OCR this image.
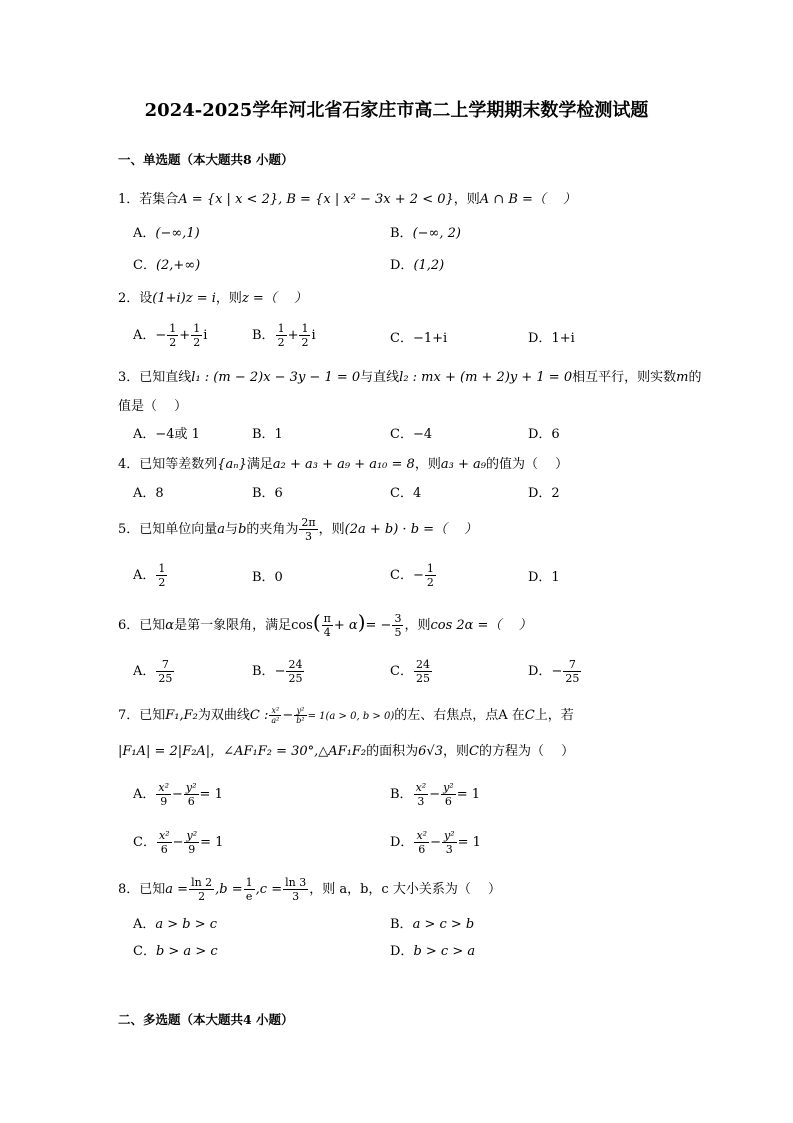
2024-2025学年河北省石家庄市高二上学期期末数学检测试题
一、单选题（本大题共8 小题）
1．若集合A = {x | x < 2}, B = {x | x² − 3x + 2 < 0}，则A ∩ B =（　 ）
A．(−∞,1)	B．(−∞, 2)
C．(2,+∞)	D．(1,2)
2．设(1+i)z = i，则z =（　 ）
A．− $\frac{1}{2} + \frac{1}{2}$ i	B． $\frac{1}{2} + \frac{1}{2}$ i	C．−1+i	D．1+i
3．已知直线l₁ : (m − 2)x − 3y − 1 = 0与直线l₂ : mx + (m + 2)y + 1 = 0相互平行，则实数m的
值是（　 ）
A．−4或 1	B．1	C．−4	D．6
4．已知等差数列{aₙ}满足a₂ + a₃ + a₉ + a₁₀ = 8，则a₃ + a₉的值为（　 ）
A．8	B．6	C．4	D．2
5．已知单位向量a与b的夹角为 $\frac{2\pi}{3}$ ，则(2a + b) · b =（　 ）
A． $\frac{1}{2}$	B．0	C．− $\frac{1}{2}$	D．1
6．已知α是第一象限角，满足$\cos( \frac{\pi}{4} + \alpha)= - \frac{3}{5}$ ，则cos 2α =（　 ）
A． $\frac{7}{25}$	B．− $\frac{24}{25}$	C． $\frac{24}{25}$	D．− $\frac{7}{25}$
7．已知F₁,F₂为双曲线C : $\frac{\text{x²}}{\text{a²}} - \frac{\text{y²}}{\text{b²}} = 1(a > 0$, b > 0)的左、右焦点，点A 在C上，若
|F₁A| = 2|F₂A|，∠AF₁F₂ = 30°,△AF₁F₂的面积为6√3，则C的方程为（　 ）
A． $\frac{\text{x²}}{9} - \frac{\text{y²}}{6} = 1$	B． $\frac{\text{x²}}{3} - \frac{\text{y²}}{6} = 1$
C． $\frac{\text{x²}}{6} - \frac{\text{y²}}{9} = 1$	D． $\frac{\text{x²}}{6} - \frac{\text{y²}}{3} = 1$
8．已知$a = \frac{\ln 2}{2} ,b = \frac{1}{e} ,c = \frac{\ln 3}{3}$ ，则 a，b，c 大小关系为（　 ）
A．a > b > c	B．a > c > b
C．b > a > c	D．b > c > a
二、多选题（本大题共4 小题）
